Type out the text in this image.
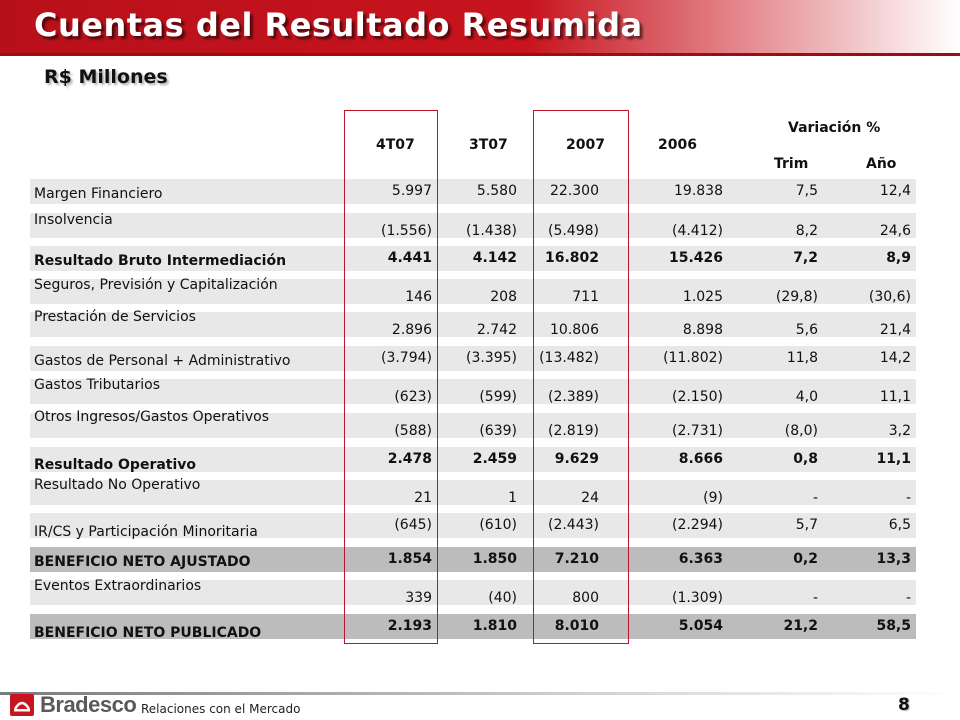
Cuentas del Resultado Resumida
R$ Millones
4T07	3T07	2007	2006
Variación %
Trim	Año
Margen Financiero	5.997	5.580 22.300	19.838	7,5	12,4
Insolvencia
(1.556) (1.438) (5.498)	(4.412)	8,2	24,6
Resultado Bruto Intermediación	4.441	4.142 16.802	15.426	7,2	8,9
Seguros, Previsión y Capitalización
146	208	711	1.025	(29,8)	(30,6)
Prestación de Servicios
2.896	2.742 10.806	8.898	5,6	21,4
Gastos de Personal + Administrativo	(3.794) (3.395) (13.482)	(11.802)	11,8	14,2
Gastos Tributarios
(623)	(599) (2.389)	(2.150)	4,0	11,1
Otros Ingresos/Gastos Operativos
(588)	(639) (2.819)	(2.731)	(8,0)	3,2
Resultado Operativo	2.478	2.459	9.629	8.666	0,8	11,1
Resultado No Operativo
21	1	24	(9)	-	-
IR/CS y Participación Minoritaria	(645)	(610) (2.443)	(2.294)	5,7	6,5
BENEFICIO NETO AJUSTADO	1.854	1.850	7.210	6.363	0,2	13,3
Eventos Extraordinarios
339	(40)	800	(1.309)	-	-
BENEFICIO NETO PUBLICADO	2.193	1.810	8.010	5.054	21,2	58,5
Bradesco Relaciones con el Mercado	8
